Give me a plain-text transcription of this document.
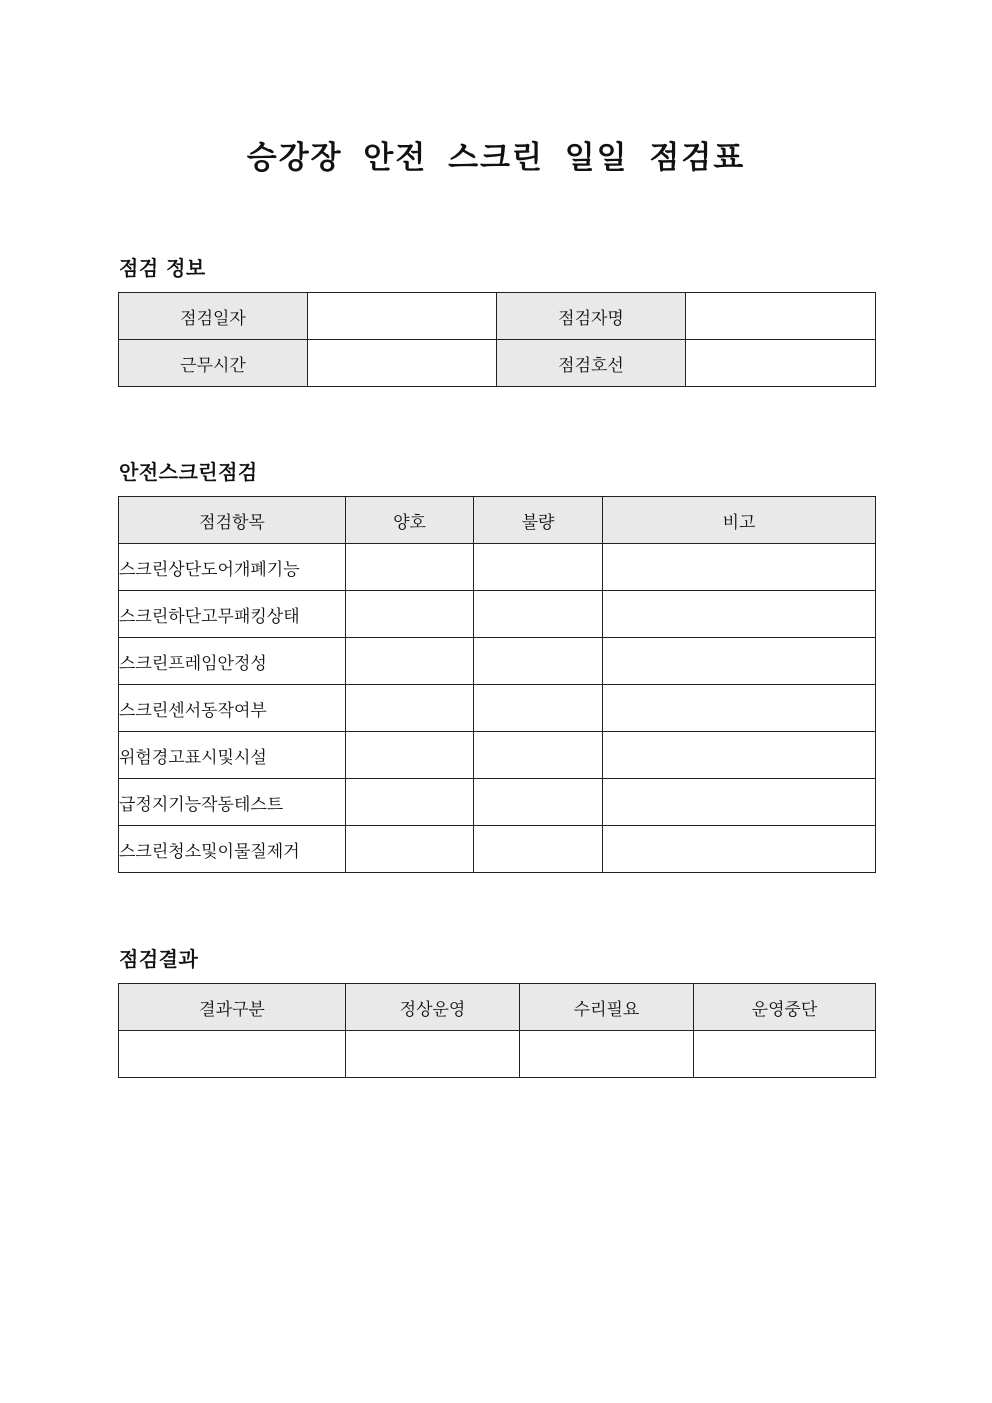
승강장 안전 스크린 일일 점검표
점검 정보
점검일자		점검자명	
근무시간		점검호선	
안전스크린점검
점검항목	양호	불량	비고
스크린상단도어개폐기능			
스크린하단고무패킹상태			
스크린프레임안정성			
스크린센서동작여부			
위험경고표시및시설			
급정지기능작동테스트			
스크린청소및이물질제거			
점검결과
결과구분	정상운영	수리필요	운영중단
